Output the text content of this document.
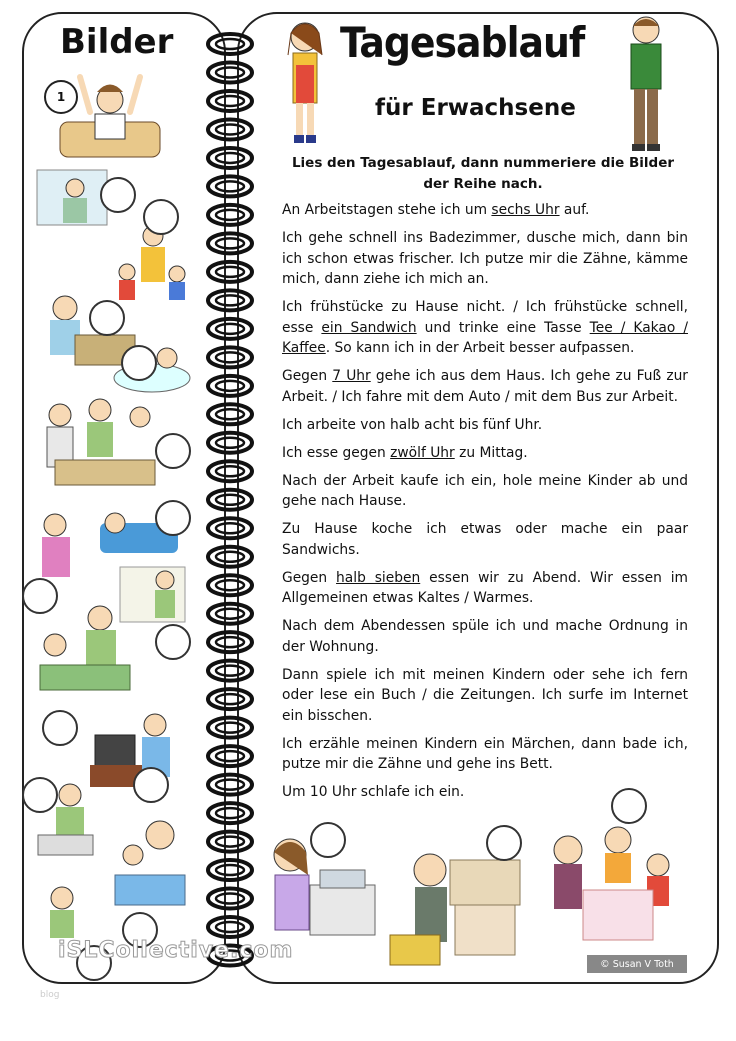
Bilder
1
Tagesablauf
für Erwachsene
Lies den Tagesablauf, dann nummeriere die Bilder der Reihe nach.

An Arbeitstagen stehe ich um sechs Uhr auf.

Ich gehe schnell ins Badezimmer, dusche mich, dann bin ich schon etwas frischer. Ich putze mir die Zähne, kämme mich, dann ziehe ich mich an.

Ich frühstücke zu Hause nicht. / Ich frühstücke schnell, esse ein Sandwich und trinke eine Tasse Tee / Kakao / Kaffee. So kann ich in der Arbeit besser aufpassen.

Gegen 7 Uhr gehe ich aus dem Haus. Ich gehe zu Fuß zur Arbeit. / Ich fahre mit dem Auto / mit dem Bus zur Arbeit.

Ich arbeite von halb acht bis fünf Uhr.

Ich esse gegen zwölf Uhr zu Mittag.

Nach der Arbeit kaufe ich ein, hole meine Kinder ab und gehe nach Hause.

Zu Hause koche ich etwas oder mache ein paar Sandwichs.

Gegen halb sieben essen wir zu Abend. Wir essen im Allgemeinen etwas Kaltes / Warmes.

Nach dem Abendessen spüle ich und mache Ordnung in der Wohnung.

Dann spiele ich mit meinen Kindern oder sehe ich fern oder lese ein Buch / die Zeitungen. Ich surfe im Internet ein bisschen.

Ich erzähle meinen Kindern ein Märchen, dann bade ich, putze mir die Zähne und gehe ins Bett.

Um 10 Uhr schlafe ich ein.

iSLCollective.com
© Susan V Toth
blog
